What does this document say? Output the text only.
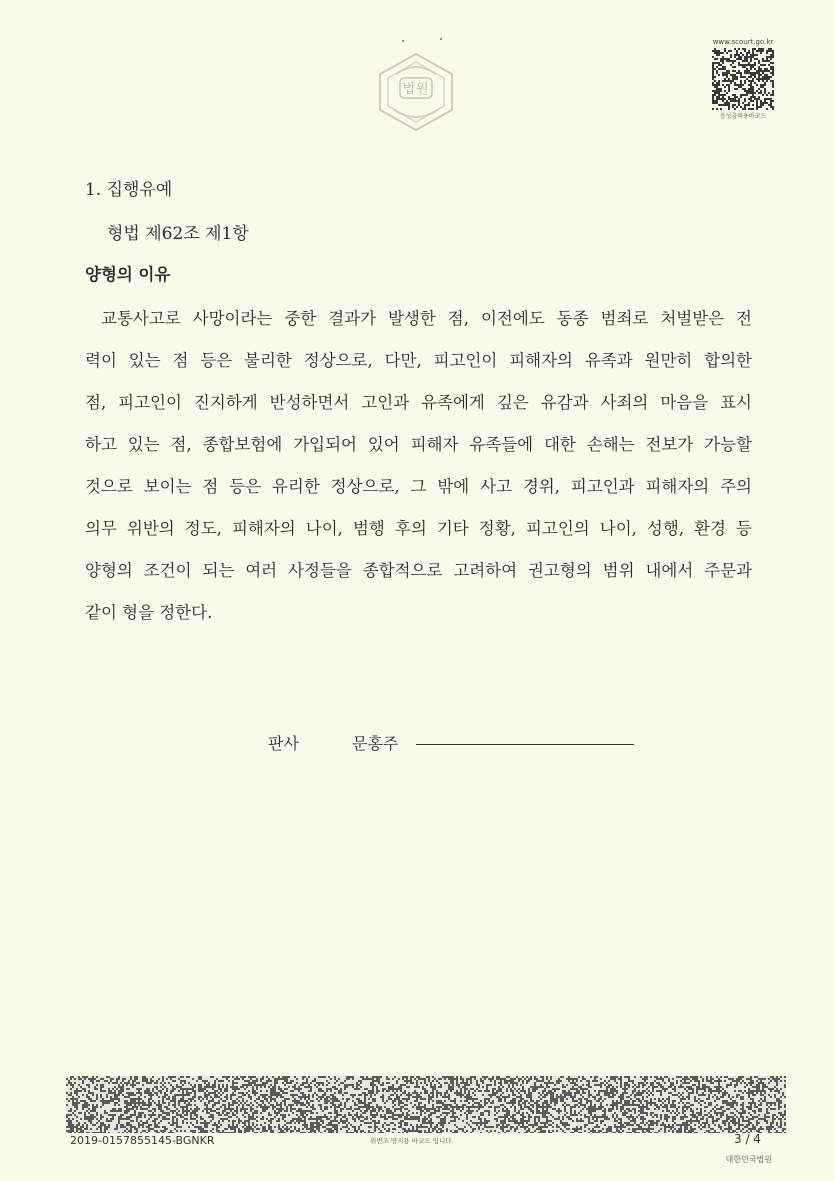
법원
www.scourt.go.kr
음성출력용바코드
1. 집행유예
형법 제62조 제1항
양형의 이유
교통사고로 사망이라는 중한 결과가 발생한 점, 이전에도 동종 범죄로 처벌받은 전
력이 있는 점 등은 불리한 정상으로, 다만, 피고인이 피해자의 유족과 원만히 합의한
점, 피고인이 진지하게 반성하면서 고인과 유족에게 깊은 유감과 사죄의 마음을 표시
하고 있는 점, 종합보험에 가입되어 있어 피해자 유족들에 대한 손해는 전보가 가능할
것으로 보이는 점 등은 유리한 정상으로, 그 밖에 사고 경위, 피고인과 피해자의 주의
의무 위반의 정도, 피해자의 나이, 범행 후의 기타 정황, 피고인의 나이, 성행, 환경 등
양형의 조건이 되는 여러 사정들을 종합적으로 고려하여 권고형의 범위 내에서 주문과
같이 형을 정한다.
판사	문홍주
2019-0157855145-BGNKR	위변조 방지용 바코드 입니다.	3 / 4
대한민국법원
